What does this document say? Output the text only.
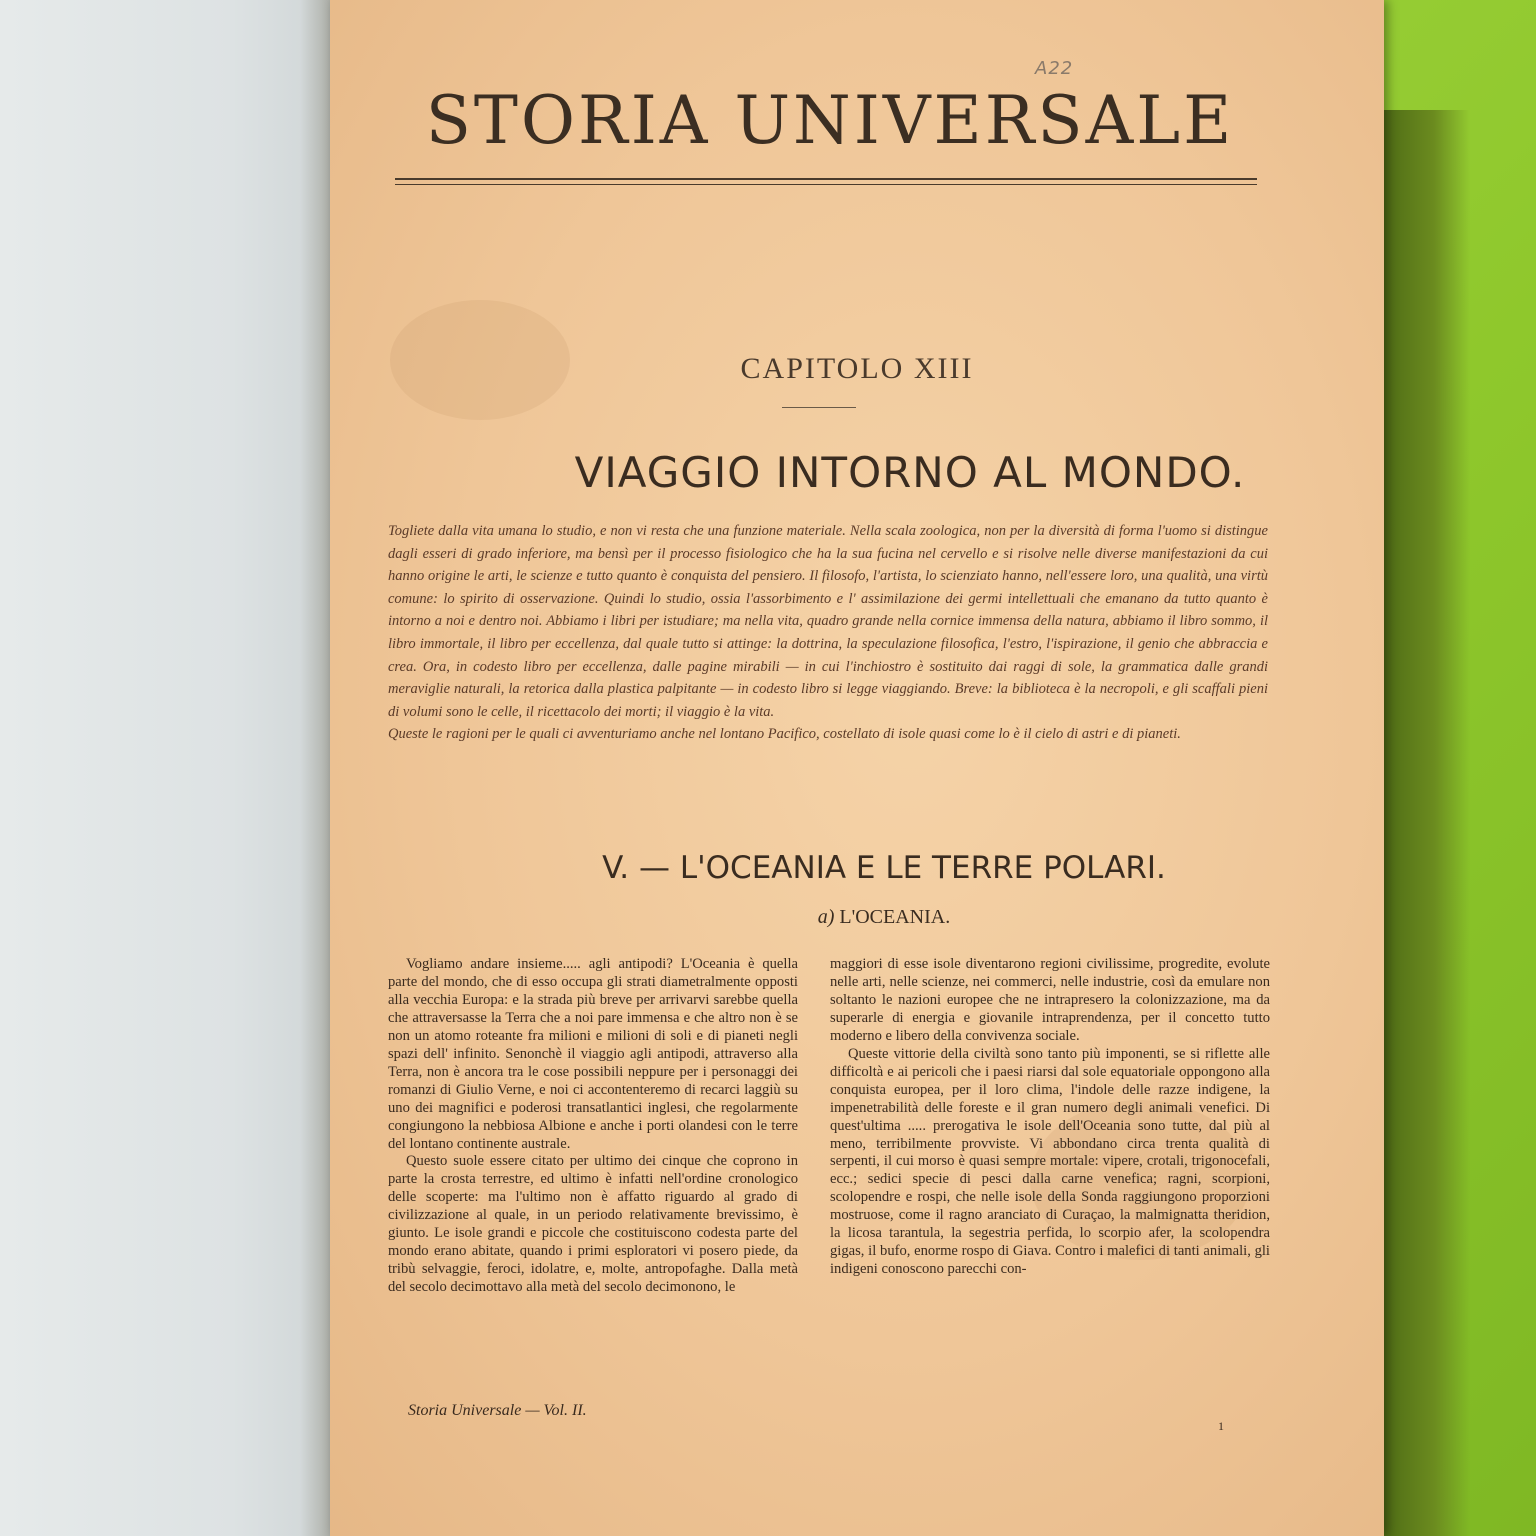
A22
STORIA UNIVERSALE
CAPITOLO XIII
VIAGGIO INTORNO AL MONDO.

Togliete dalla vita umana lo studio, e non vi resta che una funzione materiale. Nella scala zoologica, non per la diversità di forma l'uomo si distingue dagli esseri di grado inferiore, ma bensì per il processo fisiologico che ha la sua fucina nel cervello e si risolve nelle diverse manifestazioni da cui hanno origine le arti, le scienze e tutto quanto è conquista del pensiero. Il filosofo, l'artista, lo scienziato hanno, nell'essere loro, una qualità, una virtù comune: lo spirito di osservazione. Quindi lo studio, ossia l'assorbimento e l' assimilazione dei germi intellettuali che emanano da tutto quanto è intorno a noi e dentro noi. Abbiamo i libri per istudiare; ma nella vita, quadro grande nella cornice immensa della natura, abbiamo il libro sommo, il libro immortale, il libro per eccellenza, dal quale tutto si attinge: la dottrina, la speculazione filosofica, l'estro, l'ispirazione, il genio che abbraccia e crea. Ora, in codesto libro per eccellenza, dalle pagine mirabili — in cui l'inchiostro è sostituito dai raggi di sole, la grammatica dalle grandi meraviglie naturali, la retorica dalla plastica palpitante — in codesto libro si legge viaggiando. Breve: la biblioteca è la necropoli, e gli scaffali pieni di volumi sono le celle, il ricettacolo dei morti; il viaggio è la vita.

Queste le ragioni per le quali ci avventuriamo anche nel lontano Pacifico, costellato di isole quasi come lo è il cielo di astri e di pianeti.

V. — L'OCEANIA E LE TERRE POLARI.
a) L'OCEANIA.

Vogliamo andare insieme..... agli antipodi? L'Oceania è quella parte del mondo, che di esso occupa gli strati diametralmente opposti alla vecchia Europa: e la strada più breve per arrivarvi sarebbe quella che attraversasse la Terra che a noi pare immensa e che altro non è se non un atomo roteante fra milioni e milioni di soli e di pianeti negli spazi dell' infinito. Senonchè il viaggio agli antipodi, attraverso alla Terra, non è ancora tra le cose possibili neppure per i personaggi dei romanzi di Giulio Verne, e noi ci accontenteremo di recarci laggiù su uno dei magnifici e poderosi transatlantici inglesi, che regolarmente congiungono la nebbiosa Albione e anche i porti olandesi con le terre del lontano continente australe.

Questo suole essere citato per ultimo dei cinque che coprono in parte la crosta terrestre, ed ultimo è infatti nell'ordine cronologico delle scoperte: ma l'ultimo non è affatto riguardo al grado di civilizzazione al quale, in un periodo relativamente brevissimo, è giunto. Le isole grandi e piccole che costituiscono codesta parte del mondo erano abitate, quando i primi esploratori vi posero piede, da tribù selvaggie, feroci, idolatre, e, molte, antropofaghe. Dalla metà del secolo decimottavo alla metà del secolo decimonono, le

maggiori di esse isole diventarono regioni civilissime, progredite, evolute nelle arti, nelle scienze, nei commerci, nelle industrie, così da emulare non soltanto le nazioni europee che ne intrapresero la colonizzazione, ma da superarle di energia e giovanile intraprendenza, per il concetto tutto moderno e libero della convivenza sociale.

Queste vittorie della civiltà sono tanto più imponenti, se si riflette alle difficoltà e ai pericoli che i paesi riarsi dal sole equatoriale oppongono alla conquista europea, per il loro clima, l'indole delle razze indigene, la impenetrabilità delle foreste e il gran numero degli animali venefici. Di quest'ultima ..... prerogativa le isole dell'Oceania sono tutte, dal più al meno, terribilmente provviste. Vi abbondano circa trenta qualità di serpenti, il cui morso è quasi sempre mortale: vipere, crotali, trigonocefali, ecc.; sedici specie di pesci dalla carne venefica; ragni, scorpioni, scolopendre e rospi, che nelle isole della Sonda raggiungono proporzioni mostruose, come il ragno aranciato di Curaçao, la malmignatta theridion, la licosa tarantula, la segestria perfida, lo scorpio afer, la scolopendra gigas, il bufo, enorme rospo di Giava. Contro i malefici di tanti animali, gli indigeni conoscono parecchi con-

Storia Universale — Vol. II.
1
